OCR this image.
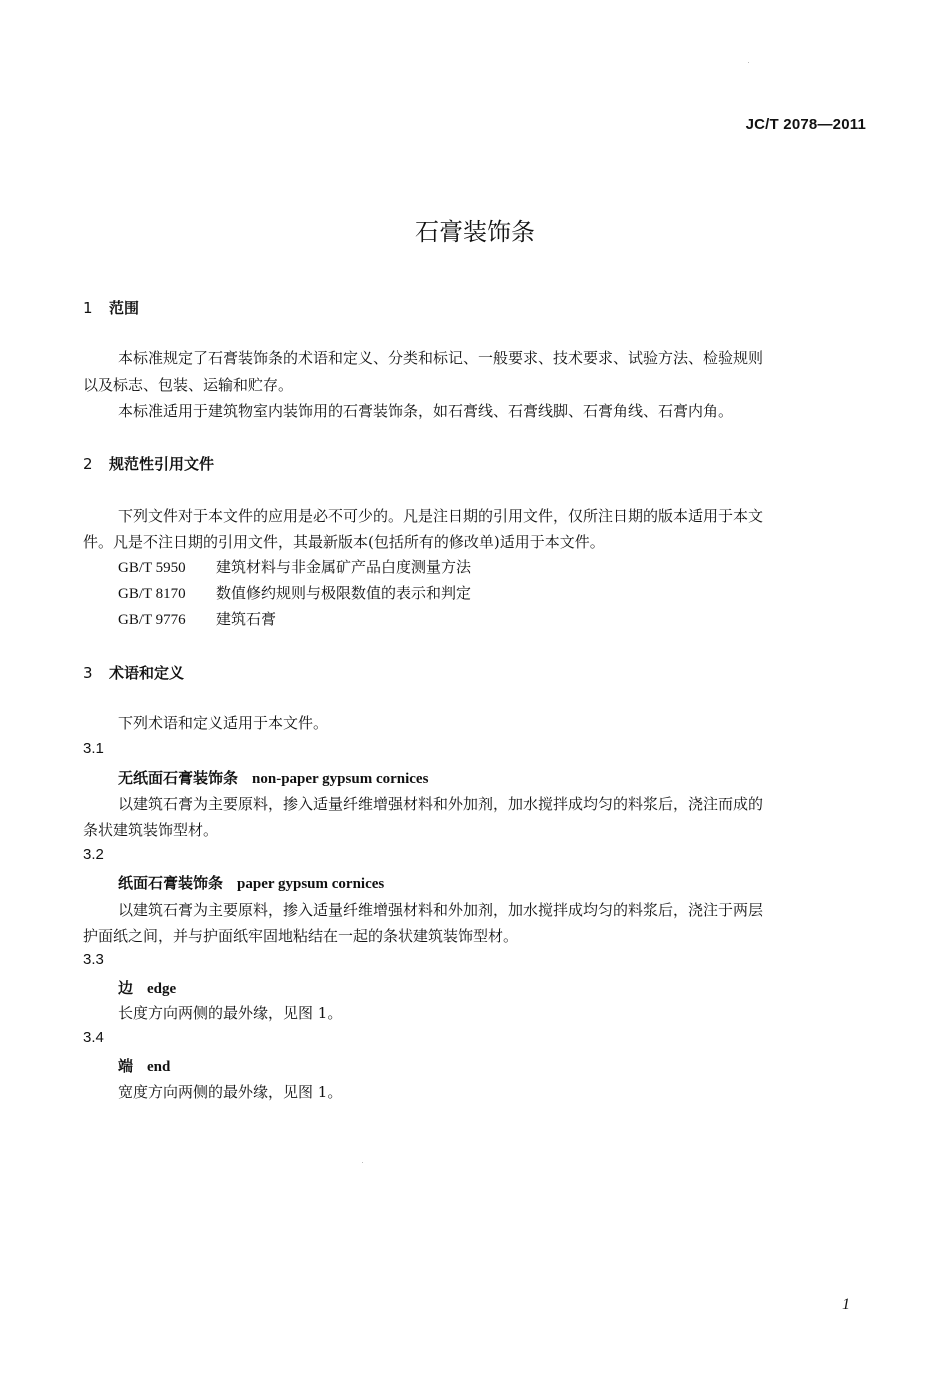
JC/T 2078—2011
石膏装饰条
1 范围
本标准规定了石膏装饰条的术语和定义、分类和标记、一般要求、技术要求、试验方法、检验规则
以及标志、包装、运输和贮存。
本标准适用于建筑物室内装饰用的石膏装饰条，如石膏线、石膏线脚、石膏角线、石膏内角。
2 规范性引用文件
下列文件对于本文件的应用是必不可少的。凡是注日期的引用文件，仅所注日期的版本适用于本文
件。凡是不注日期的引用文件，其最新版本(包括所有的修改单)适用于本文件。
GB/T 5950 建筑材料与非金属矿产品白度测量方法
GB/T 8170 数值修约规则与极限数值的表示和判定
GB/T 9776 建筑石膏
3 术语和定义
下列术语和定义适用于本文件。
3.1
无纸面石膏装饰条 non-paper gypsum cornices
以建筑石膏为主要原料，掺入适量纤维增强材料和外加剂，加水搅拌成均匀的料浆后，浇注而成的
条状建筑装饰型材。
3.2
纸面石膏装饰条 paper gypsum cornices
以建筑石膏为主要原料，掺入适量纤维增强材料和外加剂，加水搅拌成均匀的料浆后，浇注于两层
护面纸之间，并与护面纸牢固地粘结在一起的条状建筑装饰型材。
3.3
边 edge
长度方向两侧的最外缘，见图 1。
3.4
端 end
宽度方向两侧的最外缘，见图 1。
1
